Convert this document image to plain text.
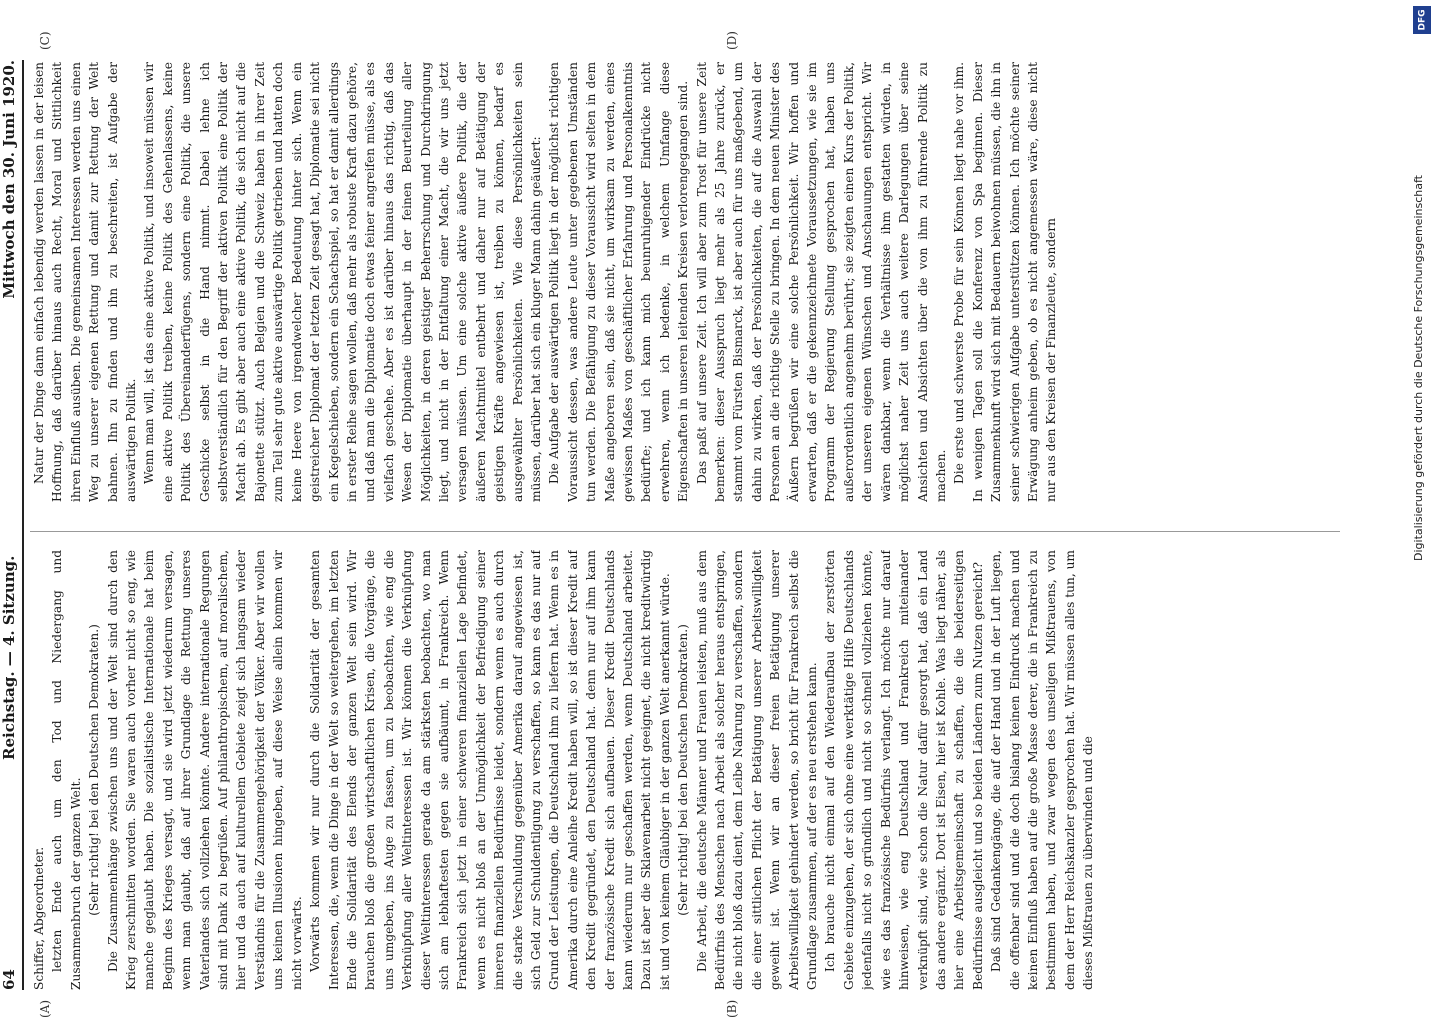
DFG
Digitalisierung gefördert durch die Deutsche Forschungsgemeinschaft
64
Reichstag. — 4. Sitzung.
Mittwoch den 30. Juni 1920.
(A)	(B)
(C)	(D)

Schiffer, Abgeordneter. letzten Ende auch um den Tod und Niedergang und Zusammenbruch der ganzen Welt. (Sehr richtig! bei den Deutschen Demokraten.) Die Zusammenhänge zwischen uns und der Welt sind durch den Krieg zerschnitten worden. Sie waren auch vorher nicht so eng, wie manche geglaubt haben. Die sozialistische Internationale hat beim Beginn des Krieges versagt, und sie wird jetzt wiederum versagen, wenn man glaubt, daß auf ihrer Grundlage die Rettung unseres Vaterlandes sich vollziehen könnte. Andere internationale Regungen sind mit Dank zu begrüßen. Auf philanthropischem, auf moralischem, hier und da auch auf kulturellem Gebiete zeigt sich langsam wieder Verständnis für die Zusammengehörigkeit der Völker. Aber wir wollen uns keinen Illusionen hingeben, auf diese Weise allein kommen wir nicht vorwärts. Vorwärts kommen wir nur durch die Solidarität der gesamten Interessen, die, wenn die Dinge in der Welt so weitergehen, im letzten Ende die Solidarität des Elends der ganzen Welt sein wird. Wir brauchen bloß die großen wirtschaftlichen Krisen, die Vorgänge, die uns umgeben, ins Auge zu fassen, um zu beobachten, wie eng die Verknüpfung aller Weltinteressen ist. Wir können die Verknüpfung dieser Weltinteressen gerade da am stärksten beobachten, wo man sich am lebhaftesten gegen sie aufbäumt, in Frankreich. Wenn Frankreich sich jetzt in einer schweren finanziellen Lage befindet, wenn es nicht bloß an der Unmöglichkeit der Befriedigung seiner inneren finanziellen Bedürfnisse leidet, sondern wenn es auch durch die starke Verschuldung gegenüber Amerika darauf angewiesen ist, sich Geld zur Schuldentilgung zu verschaffen, so kann es das nur auf Grund der Leistungen, die Deutschland ihm zu liefern hat. Wenn es in Amerika durch eine Anleihe Kredit haben will, so ist dieser Kredit auf den Kredit gegründet, den Deutschland hat. denn nur auf ihm kann der französische Kredit sich aufbauen. Dieser Kredit Deutschlands kann wiederum nur geschaffen werden, wenn Deutschland arbeitet. Dazu ist aber die Sklavenarbeit nicht geeignet, die nicht kreditwürdig ist und von keinem Gläubiger in der ganzen Welt anerkannt würde. (Sehr richtig! bei den Deutschen Demokraten.) Die Arbeit, die deutsche Männer und Frauen leisten, muß aus dem Bedürfnis des Menschen nach Arbeit als solcher heraus entspringen, die nicht bloß dazu dient, dem Leibe Nahrung zu verschaffen, sondern die einer sittlichen Pflicht der Betätigung unserer Arbeitswilligkeit geweiht ist. Wenn wir an dieser freien Betätigung unserer Arbeitswilligkeit gehindert werden, so bricht für Frankreich selbst die Grundlage zusammen, auf der es neu erstehen kann. Ich brauche nicht einmal auf den Wiederaufbau der zerstörten Gebiete einzugehen, der sich ohne eine werktätige Hilfe Deutschlands jedenfalls nicht so gründlich und nicht so schnell vollziehen könnte, wie es das französische Bedürfnis verlangt. Ich möchte nur darauf hinweisen, wie eng Deutschland und Frankreich miteinander verknüpft sind, wie schon die Natur dafür gesorgt hat, daß ein Land das andere ergänzt. Dort ist Eisen, hier ist Kohle. Was liegt näher, als hier eine Arbeitsgemeinschaft zu schaffen, die die beiderseitigen Bedürfnisse ausgleicht und so beiden Ländern zum Nutzen gereicht? Daß sind Gedankengänge, die auf der Hand und in der Luft liegen, die offenbar sind und die doch bislang keinen Eindruck machen und keinen Einfluß haben auf die große Masse derer, die in Frankreich zu bestimmen haben, und zwar wegen des unseligen Mißtrauens, von dem der Herr Reichskanzler gesprochen hat. Wir müssen alles tun, um dieses Mißtrauen zu überwinden und die

Natur der Dinge dann einfach lebendig werden lassen in der leisen Hoffnung, daß darüber hinaus auch Recht, Moral und Sittlichkeit ihren Einfluß ausüben. Die gemeinsamen Interessen werden uns einen Weg zu unserer eigenen Rettung und damit zur Rettung der Welt bahnen. Ihn zu finden und ihn zu beschreiten, ist Aufgabe der auswärtigen Politik. Wenn man will, ist das eine aktive Politik, und insoweit müssen wir eine aktive Politik treiben, keine Politik des Gehenlassens, keine Politik des Übereinanderfügens, sondern eine Politik, die unsere Geschicke selbst in die Hand nimmt. Dabei lehne ich selbstverständlich für den Begriff der aktiven Politik eine Politik der Macht ab. Es gibt aber auch eine aktive Politik, die sich nicht auf die Bajonette stützt. Auch Belgien und die Schweiz haben in ihrer Zeit zum Teil sehr gute aktive auswärtige Politik getrieben und hatten doch keine Heere von irgendwelcher Bedeutung hinter sich. Wenn ein geistreicher Diplomat der letzten Zeit gesagt hat, Diplomatie sei nicht ein Kegelschieben, sondern ein Schachspiel, so hat er damit allerdings in erster Reihe sagen wollen, daß mehr als robuste Kraft dazu gehöre, und daß man die Diplomatie doch etwas feiner angreifen müsse, als es vielfach geschehe. Aber es ist darüber hinaus das richtig, daß das Wesen der Diplomatie überhaupt in der feinen Beurteilung aller Möglichkeiten, in deren geistiger Beherrschung und Durchdringung liegt, und nicht in der Entfaltung einer Macht, die wir uns jetzt versagen müssen. Um eine solche aktive äußere Politik, die der äußeren Machtmittel entbehrt und daher nur auf Betätigung der geistigen Kräfte angewiesen ist, treiben zu können, bedarf es ausgewählter Persönlichkeiten. Wie diese Persönlichkeiten sein müssen, darüber hat sich ein kluger Mann dahin geäußert: Die Aufgabe der auswärtigen Politik liegt in der möglichst richtigen Voraussicht dessen, was andere Leute unter gegebenen Umständen tun werden. Die Befähigung zu dieser Voraussicht wird selten in dem Maße angeboren sein, daß sie nicht, um wirksam zu werden, eines gewissen Maßes von geschäftlicher Erfahrung und Personalkenntnis bedürfte; und ich kann mich beunruhigender Eindrücke nicht erwehren, wenn ich bedenke, in welchem Umfange diese Eigenschaften in unseren leitenden Kreisen verlorengegangen sind. Das paßt auf unsere Zeit. Ich will aber zum Trost für unsere Zeit bemerken: dieser Ausspruch liegt mehr als 25 Jahre zurück, er stammt vom Fürsten Bismarck, ist aber auch für uns maßgebend, um dahin zu wirken, daß der Persönlichkeiten, die auf die Auswahl der Personen an die richtige Stelle zu bringen. In dem neuen Minister des Äußern begrüßen wir eine solche Persönlichkeit. Wir hoffen und erwarten, daß er die gekennzeichnete Voraussetzungen, wie sie im Programm der Regierung Stellung gesprochen hat, haben uns außerordentlich angenehm berührt; sie zeigten einen Kurs der Politik, der unseren eigenen Wünschen und Anschauungen entspricht. Wir wären dankbar, wenn die Verhältnisse ihm gestatten würden, in möglichst naher Zeit uns auch weitere Darlegungen über seine Ansichten und Absichten über die von ihm zu führende Politik zu machen. Die erste und schwerste Probe für sein Können liegt nahe vor ihm. In wenigen Tagen soll die Konferenz von Spa beginnen. Dieser Zusammenkunft wird sich mit Bedauern beiwohnen müssen, die ihn in seiner schwierigen Aufgabe unterstützen können. Ich möchte seiner Erwägung anheim geben, ob es nicht angemessen wäre, diese nicht nur aus den Kreisen der Finanzleute, sondern
